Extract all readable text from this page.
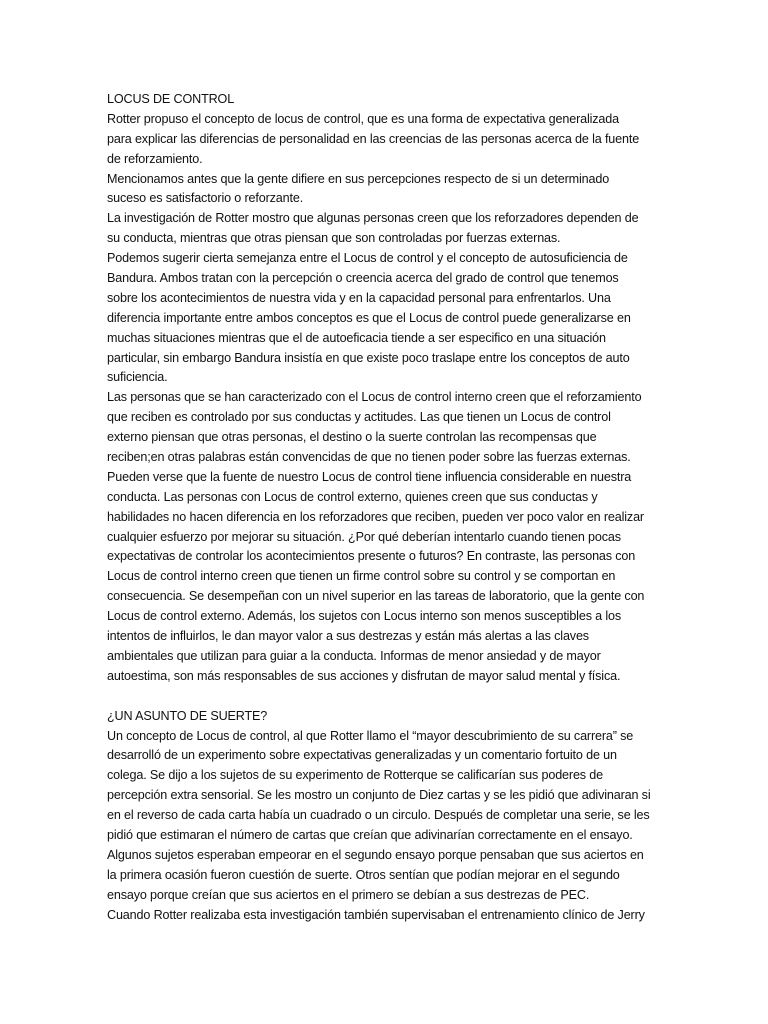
LOCUS DE CONTROL
Rotter propuso el concepto de locus de control, que es una forma de expectativa generalizada
para explicar las diferencias de personalidad en las creencias de las personas acerca de la fuente
de reforzamiento.
Mencionamos antes que la gente difiere en sus percepciones respecto de si un determinado
suceso es satisfactorio o reforzante.
La investigación de Rotter mostro que algunas personas creen que los reforzadores dependen de
su conducta, mientras que otras piensan que son controladas por fuerzas externas.
Podemos sugerir cierta semejanza entre el Locus de control y el concepto de autosuficiencia de
Bandura. Ambos tratan con la percepción o creencia acerca del grado de control que tenemos
sobre los acontecimientos de nuestra vida y en la capacidad personal para enfrentarlos. Una
diferencia importante entre ambos conceptos es que el Locus de control puede generalizarse en
muchas situaciones mientras que el de autoeficacia tiende a ser especifico en una situación
particular, sin embargo Bandura insistía en que existe poco traslape entre los conceptos de auto
suficiencia.
Las personas que se han caracterizado con el Locus de control interno creen que el reforzamiento
que reciben es controlado por sus conductas y actitudes. Las que tienen un Locus de control
externo piensan que otras personas, el destino o la suerte controlan las recompensas que
reciben;en otras palabras están convencidas de que no tienen poder sobre las fuerzas externas.
Pueden verse que la fuente de nuestro Locus de control tiene influencia considerable en nuestra
conducta. Las personas con Locus de control externo, quienes creen que sus conductas y
habilidades no hacen diferencia en los reforzadores que reciben, pueden ver poco valor en realizar
cualquier esfuerzo por mejorar su situación. ¿Por qué deberían intentarlo cuando tienen pocas
expectativas de controlar los acontecimientos presente o futuros? En contraste, las personas con
Locus de control interno creen que tienen un firme control sobre su control y se comportan en
consecuencia. Se desempeñan con un nivel superior en las tareas de laboratorio, que la gente con
Locus de control externo. Además, los sujetos con Locus interno son menos susceptibles a los
intentos de influirlos, le dan mayor valor a sus destrezas y están más alertas a las claves
ambientales que utilizan para guiar a la conducta. Informas de menor ansiedad y de mayor
autoestima, son más responsables de sus acciones y disfrutan de mayor salud mental y física.
¿UN ASUNTO DE SUERTE?
Un concepto de Locus de control, al que Rotter llamo el “mayor descubrimiento de su carrera” se
desarrolló de un experimento sobre expectativas generalizadas y un comentario fortuito de un
colega. Se dijo a los sujetos de su experimento de Rotterque se calificarían sus poderes de
percepción extra sensorial. Se les mostro un conjunto de Diez cartas y se les pidió que adivinaran si
en el reverso de cada carta había un cuadrado o un circulo. Después de completar una serie, se les
pidió que estimaran el número de cartas que creían que adivinarían correctamente en el ensayo.
Algunos sujetos esperaban empeorar en el segundo ensayo porque pensaban que sus aciertos en
la primera ocasión fueron cuestión de suerte. Otros sentían que podían mejorar en el segundo
ensayo porque creían que sus aciertos en el primero se debían a sus destrezas de PEC.
Cuando Rotter realizaba esta investigación también supervisaban el entrenamiento clínico de Jerry
